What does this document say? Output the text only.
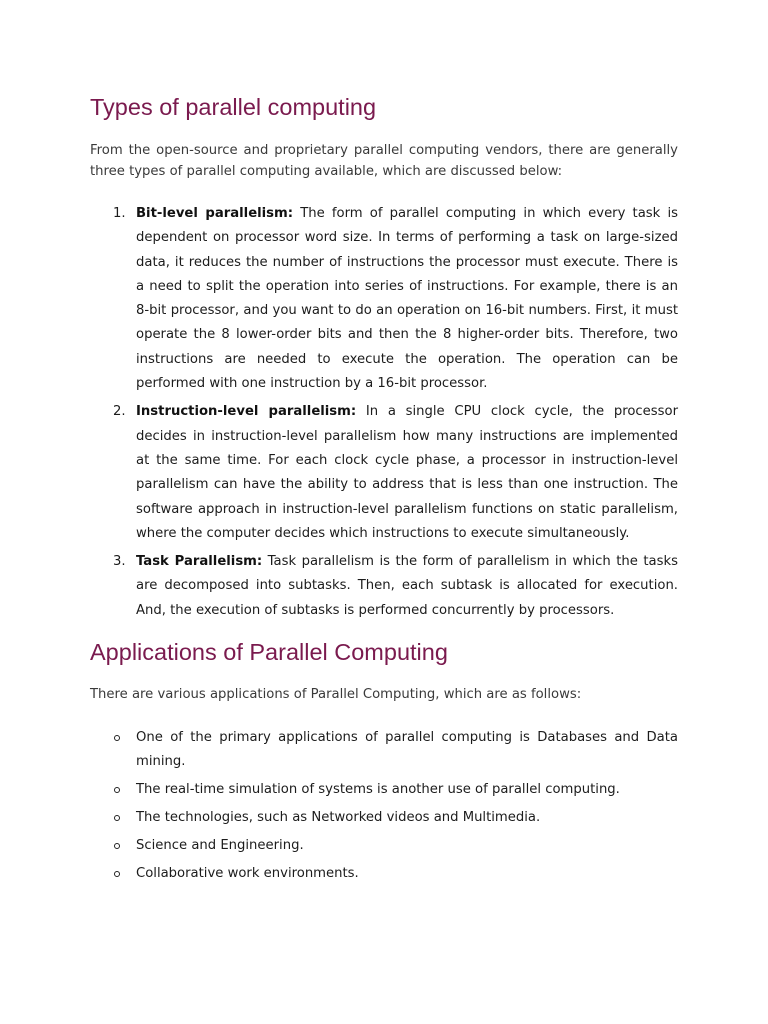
Types of parallel computing

From the open-source and proprietary parallel computing vendors, there are generally three types of parallel computing available, which are discussed below:

1. Bit-level parallelism: The form of parallel computing in which every task is dependent on processor word size. In terms of performing a task on large-sized data, it reduces the number of instructions the processor must execute. There is a need to split the operation into series of instructions. For example, there is an 8-bit processor, and you want to do an operation on 16-bit numbers. First, it must operate the 8 lower-order bits and then the 8 higher-order bits. Therefore, two instructions are needed to execute the operation. The operation can be performed with one instruction by a 16-bit processor.
2. Instruction-level parallelism: In a single CPU clock cycle, the processor decides in instruction-level parallelism how many instructions are implemented at the same time. For each clock cycle phase, a processor in instruction-level parallelism can have the ability to address that is less than one instruction. The software approach in instruction-level parallelism functions on static parallelism, where the computer decides which instructions to execute simultaneously.
3. Task Parallelism: Task parallelism is the form of parallelism in which the tasks are decomposed into subtasks. Then, each subtask is allocated for execution. And, the execution of subtasks is performed concurrently by processors.
Applications of Parallel Computing

There are various applications of Parallel Computing, which are as follows:

One of the primary applications of parallel computing is Databases and Data mining.
The real-time simulation of systems is another use of parallel computing.
The technologies, such as Networked videos and Multimedia.
Science and Engineering.
Collaborative work environments.
